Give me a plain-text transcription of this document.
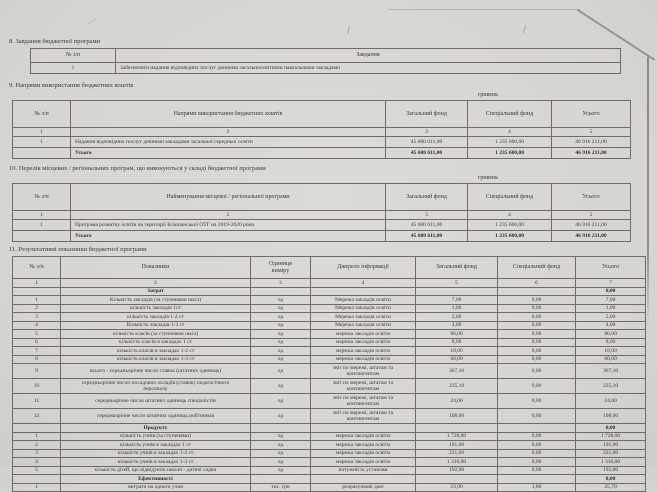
8. Завдання бюджетної програми
№ з/п	Завдання
1	Забезпечити надання відповідних послуг денними загальноосвітніми навчальними закладами
9. Напрями використання бюджетних коштів
гривень
№ з/п	Напрями використання бюджетних коштів	Загальний фонд	Спеціальний фонд	Усього
1	2	3	4	5
1	Надання відповідних послуг денними закладами загальної середньої освіти	45 680 611,00	1 235 600,00	46 916 211,00
	Усього	45 680 611,00	1 235 600,00	46 916 211,00
10. Перелік місцевих / регіональних програм, що виконуються у складі бюджетної програми
гривень
№ з/п	Найменування місцевої / регіональної програми	Загальний фонд	Спеціальний фонд	Усього
1	2	3	4	5
1	Програма розвитку освіти на території Клишанської ОТГ на 2019-2020 роки	45 680 611,00	1 235 600,00	46 916 211,00
	Усього	45 680 611,00	1 235 600,00	46 916 211,00
11. Результативні показники бюджетної програми
№ з/п	Показники	Одиниця виміру	Джерело інформації	Загальний фонд	Спеціальний фонд	Усього
1	2	3	4	5	6	7
	Затрат					0,00
1	Кількість закладів (за ступенями шкіл)	од	Мережа закладів освіти	7,00	0,00	7,00
2	кількість закладів 1ст	од	Мережа закладів освіти	1,00	0,00	1,00
3	кількість закладів 1-2 ст	од	Мережа закладів освіти	2,00	0,00	2,00
4	Кількість закладів 1-3 ст	од	Мережа закладів освіти	4,00	0,00	4,00
5	кількість класів (за ступенями шкіл)	од	мережа закладів освіти	86,00	0,00	86,00
6	кількість класів в закладах 1 ст	од	мережа закладів освіти	8,00	0,00	8,00
7	кількість класів в закладах 1-2 ст	од	мережа закладів освіти	18,00	0,00	18,00
8	кількість класів в закладах 1-3 ст	од	мережа закладів освіти	60,00	0,00	60,00
9	всього - середньорічне число ставок (штатних одиниць)	од	звіт по мережі, штатам та контингентам	367,10	0,00	367,10
10	середньорічне число посадових окладів (ставок) педагогічного персоналу	од	звіт по мережі, штатам та контингентам	235,10	0,00	235,10
11	середньорічне число штатних одиниць спеціалістів	од	звіт по мережі, штатам та контингентам	24,00	0,00	24,00
12	середньорічне число штатних одиниць робітників	од	звіт по мережі, штатам та контингентам	108,00	0,00	108,00
	Продукту					0,00
1	кількість учнів (за ступенями)	од	мережа закладів освіти	1 728,00	0,00	1 728,00
2	кількість учнів в закладах 1 ст	од	мережа закладів освіти	191,00	0,00	191,00
3	кількість учнів в закладах 1-2 ст	од	мережа закладів освіти	221,00	0,00	221,00
4	кількість учнів в закладах 1-3 ст	од	мережа закладів освіти	1 316,00	0,00	1 316,00
5	кількість дітей, що відвідують школи - дитячі садки	од	потужність установи	192,00	0,00	192,00
	Ефективності					0,00
1	витрати на одного учня	тис. грн	розрахункові дані	23,90	1,80	25,70
